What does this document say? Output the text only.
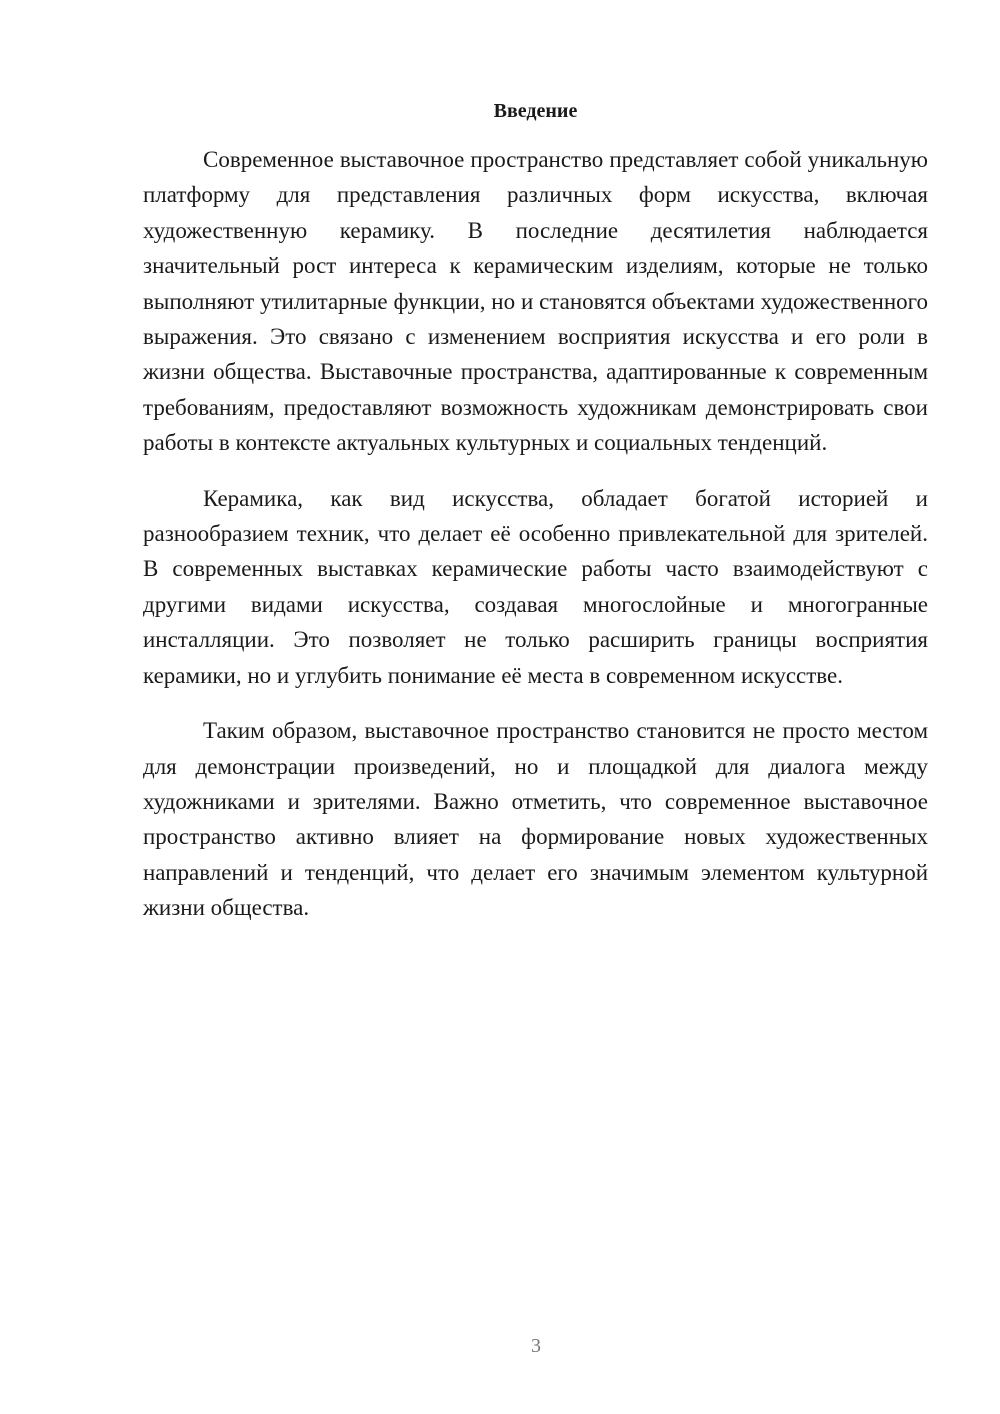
Введение

Современное выставочное пространство представляет собой уникальную платформу для представления различных форм искусства, включая художественную керамику. В последние десятилетия наблюдается значительный рост интереса к керамическим изделиям, которые не только выполняют утилитарные функции, но и становятся объектами художественного выражения. Это связано с изменением восприятия искусства и его роли в жизни общества. Выставочные пространства, адаптированные к современным требованиям, предоставляют возможность художникам демонстрировать свои работы в контексте актуальных культурных и социальных тенденций.

Керамика, как вид искусства, обладает богатой историей и разнообразием техник, что делает её особенно привлекательной для зрителей. В современных выставках керамические работы часто взаимодействуют с другими видами искусства, создавая многослойные и многогранные инсталляции. Это позволяет не только расширить границы восприятия керамики, но и углубить понимание её места в современном искусстве.

Таким образом, выставочное пространство становится не просто местом для демонстрации произведений, но и площадкой для диалога между художниками и зрителями. Важно отметить, что современное выставочное пространство активно влияет на формирование новых художественных направлений и тенденций, что делает его значимым элементом культурной жизни общества.

3
